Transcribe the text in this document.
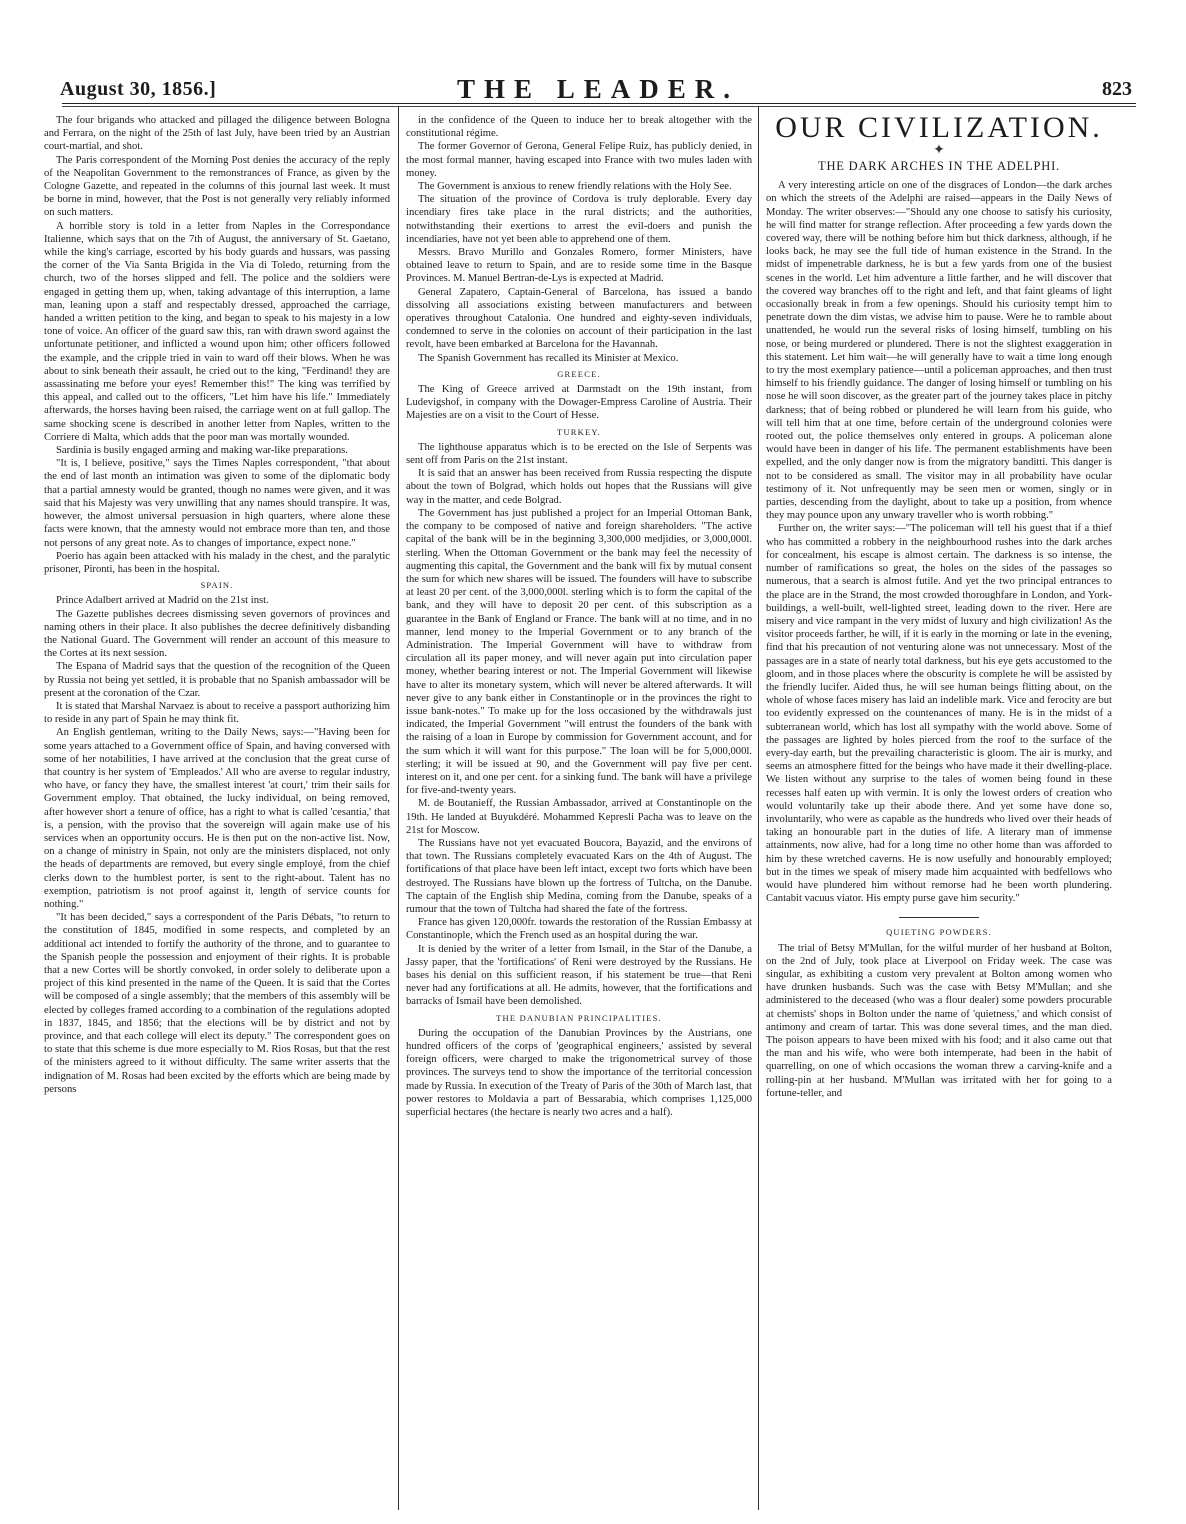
August 30, 1856.]	THE LEADER.	823

The four brigands who attacked and pillaged the diligence between Bologna and Ferrara, on the night of the 25th of last July, have been tried by an Austrian court-martial, and shot.

The Paris correspondent of the Morning Post denies the accuracy of the reply of the Neapolitan Government to the remonstrances of France, as given by the Cologne Gazette, and repeated in the columns of this journal last week. It must be borne in mind, however, that the Post is not generally very reliably informed on such matters.

A horrible story is told in a letter from Naples in the Correspondance Italienne, which says that on the 7th of August, the anniversary of St. Gaetano, while the king's carriage, escorted by his body guards and hussars, was passing the corner of the Via Santa Brigida in the Via di Toledo, returning from the church, two of the horses slipped and fell. The police and the soldiers were engaged in getting them up, when, taking advantage of this interruption, a lame man, leaning upon a staff and respectably dressed, approached the carriage, handed a written petition to the king, and began to speak to his majesty in a low tone of voice. An officer of the guard saw this, ran with drawn sword against the unfortunate petitioner, and inflicted a wound upon him; other officers followed the example, and the cripple tried in vain to ward off their blows. When he was about to sink beneath their assault, he cried out to the king, "Ferdinand! they are assassinating me before your eyes! Remember this!" The king was terrified by this appeal, and called out to the officers, "Let him have his life." Immediately afterwards, the horses having been raised, the carriage went on at full gallop. The same shocking scene is described in another letter from Naples, written to the Corriere di Malta, which adds that the poor man was mortally wounded.

Sardinia is busily engaged arming and making war-like preparations.

"It is, I believe, positive," says the Times Naples correspondent, "that about the end of last month an intimation was given to some of the diplomatic body that a partial amnesty would be granted, though no names were given, and it was said that his Majesty was very unwilling that any names should transpire. It was, however, the almost universal persuasion in high quarters, where alone these facts were known, that the amnesty would not embrace more than ten, and those not persons of any great note. As to changes of importance, expect none."

Poerio has again been attacked with his malady in the chest, and the paralytic prisoner, Pironti, has been in the hospital.

SPAIN.

Prince Adalbert arrived at Madrid on the 21st inst.

The Gazette publishes decrees dismissing seven governors of provinces and naming others in their place. It also publishes the decree definitively disbanding the National Guard. The Government will render an account of this measure to the Cortes at its next session.

The Espana of Madrid says that the question of the recognition of the Queen by Russia not being yet settled, it is probable that no Spanish ambassador will be present at the coronation of the Czar.

It is stated that Marshal Narvaez is about to receive a passport authorizing him to reside in any part of Spain he may think fit.

An English gentleman, writing to the Daily News, says:—"Having been for some years attached to a Government office of Spain, and having conversed with some of her notabilities, I have arrived at the conclusion that the great curse of that country is her system of 'Empleados.' All who are averse to regular industry, who have, or fancy they have, the smallest interest 'at court,' trim their sails for Government employ. That obtained, the lucky individual, on being removed, after however short a tenure of office, has a right to what is called 'cesantia,' that is, a pension, with the proviso that the sovereign will again make use of his services when an opportunity occurs. He is then put on the non-active list. Now, on a change of ministry in Spain, not only are the ministers displaced, not only the heads of departments are removed, but every single employé, from the chief clerks down to the humblest porter, is sent to the right-about. Talent has no exemption, patriotism is not proof against it, length of service counts for nothing."

"It has been decided," says a correspondent of the Paris Débats, "to return to the constitution of 1845, modified in some respects, and completed by an additional act intended to fortify the authority of the throne, and to guarantee to the Spanish people the possession and enjoyment of their rights. It is probable that a new Cortes will be shortly convoked, in order solely to deliberate upon a project of this kind presented in the name of the Queen. It is said that the Cortes will be composed of a single assembly; that the members of this assembly will be elected by colleges framed according to a combination of the regulations adopted in 1837, 1845, and 1856; that the elections will be by district and not by province, and that each college will elect its deputy." The correspondent goes on to state that this scheme is due more especially to M. Rios Rosas, but that the rest of the ministers agreed to it without difficulty. The same writer asserts that the indignation of M. Rosas had been excited by the efforts which are being made by persons

in the confidence of the Queen to induce her to break altogether with the constitutional régime.

The former Governor of Gerona, General Felipe Ruiz, has publicly denied, in the most formal manner, having escaped into France with two mules laden with money.

The Government is anxious to renew friendly relations with the Holy See.

The situation of the province of Cordova is truly deplorable. Every day incendiary fires take place in the rural districts; and the authorities, notwithstanding their exertions to arrest the evil-doers and punish the incendiaries, have not yet been able to apprehend one of them.

Messrs. Bravo Murillo and Gonzales Romero, former Ministers, have obtained leave to return to Spain, and are to reside some time in the Basque Provinces. M. Manuel Bertran-de-Lys is expected at Madrid.

General Zapatero, Captain-General of Barcelona, has issued a bando dissolving all associations existing between manufacturers and between operatives throughout Catalonia. One hundred and eighty-seven individuals, condemned to serve in the colonies on account of their participation in the last revolt, have been embarked at Barcelona for the Havannah.

The Spanish Government has recalled its Minister at Mexico.

GREECE.

The King of Greece arrived at Darmstadt on the 19th instant, from Ludevigshof, in company with the Dowager-Empress Caroline of Austria. Their Majesties are on a visit to the Court of Hesse.

TURKEY.

The lighthouse apparatus which is to be erected on the Isle of Serpents was sent off from Paris on the 21st instant.

It is said that an answer has been received from Russia respecting the dispute about the town of Bolgrad, which holds out hopes that the Russians will give way in the matter, and cede Bolgrad.

The Government has just published a project for an Imperial Ottoman Bank, the company to be composed of native and foreign shareholders. "The active capital of the bank will be in the beginning 3,300,000 medjidies, or 3,000,000l. sterling. When the Ottoman Government or the bank may feel the necessity of augmenting this capital, the Government and the bank will fix by mutual consent the sum for which new shares will be issued. The founders will have to subscribe at least 20 per cent. of the 3,000,000l. sterling which is to form the capital of the bank, and they will have to deposit 20 per cent. of this subscription as a guarantee in the Bank of England or France. The bank will at no time, and in no manner, lend money to the Imperial Government or to any branch of the Administration. The Imperial Government will have to withdraw from circulation all its paper money, and will never again put into circulation paper money, whether bearing interest or not. The Imperial Government will likewise have to alter its monetary system, which will never be altered afterwards. It will never give to any bank either in Constantinople or in the provinces the right to issue bank-notes." To make up for the loss occasioned by the withdrawals just indicated, the Imperial Government "will entrust the founders of the bank with the raising of a loan in Europe by commission for Government account, and for the sum which it will want for this purpose." The loan will be for 5,000,000l. sterling; it will be issued at 90, and the Government will pay five per cent. interest on it, and one per cent. for a sinking fund. The bank will have a privilege for five-and-twenty years.

M. de Boutanieff, the Russian Ambassador, arrived at Constantinople on the 19th. He landed at Buyukdéré. Mohammed Kepresli Pacha was to leave on the 21st for Moscow.

The Russians have not yet evacuated Boucora, Bayazid, and the environs of that town. The Russians completely evacuated Kars on the 4th of August. The fortifications of that place have been left intact, except two forts which have been destroyed. The Russians have blown up the fortress of Tultcha, on the Danube. The captain of the English ship Medina, coming from the Danube, speaks of a rumour that the town of Tultcha had shared the fate of the fortress.

France has given 120,000fr. towards the restoration of the Russian Embassy at Constantinople, which the French used as an hospital during the war.

It is denied by the writer of a letter from Ismail, in the Star of the Danube, a Jassy paper, that the 'fortifications' of Reni were destroyed by the Russians. He bases his denial on this sufficient reason, if his statement be true—that Reni never had any fortifications at all. He admits, however, that the fortifications and barracks of Ismail have been demolished.

THE DANUBIAN PRINCIPALITIES.

During the occupation of the Danubian Provinces by the Austrians, one hundred officers of the corps of 'geographical engineers,' assisted by several foreign officers, were charged to make the trigonometrical survey of those provinces. The surveys tend to show the importance of the territorial concession made by Russia. In execution of the Treaty of Paris of the 30th of March last, that power restores to Moldavia a part of Bessarabia, which comprises 1,125,000 superficial hectares (the hectare is nearly two acres and a half).

OUR CIVILIZATION.
✦
THE DARK ARCHES IN THE ADELPHI.

A very interesting article on one of the disgraces of London—the dark arches on which the streets of the Adelphi are raised—appears in the Daily News of Monday. The writer observes:—"Should any one choose to satisfy his curiosity, he will find matter for strange reflection. After proceeding a few yards down the covered way, there will be nothing before him but thick darkness, although, if he looks back, he may see the full tide of human existence in the Strand. In the midst of impenetrable darkness, he is but a few yards from one of the busiest scenes in the world. Let him adventure a little farther, and he will discover that the covered way branches off to the right and left, and that faint gleams of light occasionally break in from a few openings. Should his curiosity tempt him to penetrate down the dim vistas, we advise him to pause. Were he to ramble about unattended, he would run the several risks of losing himself, tumbling on his nose, or being murdered or plundered. There is not the slightest exaggeration in this statement. Let him wait—he will generally have to wait a time long enough to try the most exemplary patience—until a policeman approaches, and then trust himself to his friendly guidance. The danger of losing himself or tumbling on his nose he will soon discover, as the greater part of the journey takes place in pitchy darkness; that of being robbed or plundered he will learn from his guide, who will tell him that at one time, before certain of the underground colonies were rooted out, the police themselves only entered in groups. A policeman alone would have been in danger of his life. The permanent establishments have been expelled, and the only danger now is from the migratory banditti. This danger is not to be considered as small. The visitor may in all probability have ocular testimony of it. Not unfrequently may be seen men or women, singly or in parties, descending from the daylight, about to take up a position, from whence they may pounce upon any unwary traveller who is worth robbing."

Further on, the writer says:—"The policeman will tell his guest that if a thief who has committed a robbery in the neighbourhood rushes into the dark arches for concealment, his escape is almost certain. The darkness is so intense, the number of ramifications so great, the holes on the sides of the passages so numerous, that a search is almost futile. And yet the two principal entrances to the place are in the Strand, the most crowded thoroughfare in London, and York-buildings, a well-built, well-lighted street, leading down to the river. Here are misery and vice rampant in the very midst of luxury and high civilization! As the visitor proceeds farther, he will, if it is early in the morning or late in the evening, find that his precaution of not venturing alone was not unnecessary. Most of the passages are in a state of nearly total darkness, but his eye gets accustomed to the gloom, and in those places where the obscurity is complete he will be assisted by the friendly lucifer. Aided thus, he will see human beings flitting about, on the whole of whose faces misery has laid an indelible mark. Vice and ferocity are but too evidently expressed on the countenances of many. He is in the midst of a subterranean world, which has lost all sympathy with the world above. Some of the passages are lighted by holes pierced from the roof to the surface of the every-day earth, but the prevailing characteristic is gloom. The air is murky, and seems an atmosphere fitted for the beings who have made it their dwelling-place. We listen without any surprise to the tales of women being found in these recesses half eaten up with vermin. It is only the lowest orders of creation who would voluntarily take up their abode there. And yet some have done so, involuntarily, who were as capable as the hundreds who lived over their heads of taking an honourable part in the duties of life. A literary man of immense attainments, now alive, had for a long time no other home than was afforded to him by these wretched caverns. He is now usefully and honourably employed; but in the times we speak of misery made him acquainted with bedfellows who would have plundered him without remorse had he been worth plundering. Cantabit vacuus viator. His empty purse gave him security."

QUIETING POWDERS.

The trial of Betsy M'Mullan, for the wilful murder of her husband at Bolton, on the 2nd of July, took place at Liverpool on Friday week. The case was singular, as exhibiting a custom very prevalent at Bolton among women who have drunken husbands. Such was the case with Betsy M'Mullan; and she administered to the deceased (who was a flour dealer) some powders procurable at chemists' shops in Bolton under the name of 'quietness,' and which consist of antimony and cream of tartar. This was done several times, and the man died. The poison appears to have been mixed with his food; and it also came out that the man and his wife, who were both intemperate, had been in the habit of quarrelling, on one of which occasions the woman threw a carving-knife and a rolling-pin at her husband. M'Mullan was irritated with her for going to a fortune-teller, and
